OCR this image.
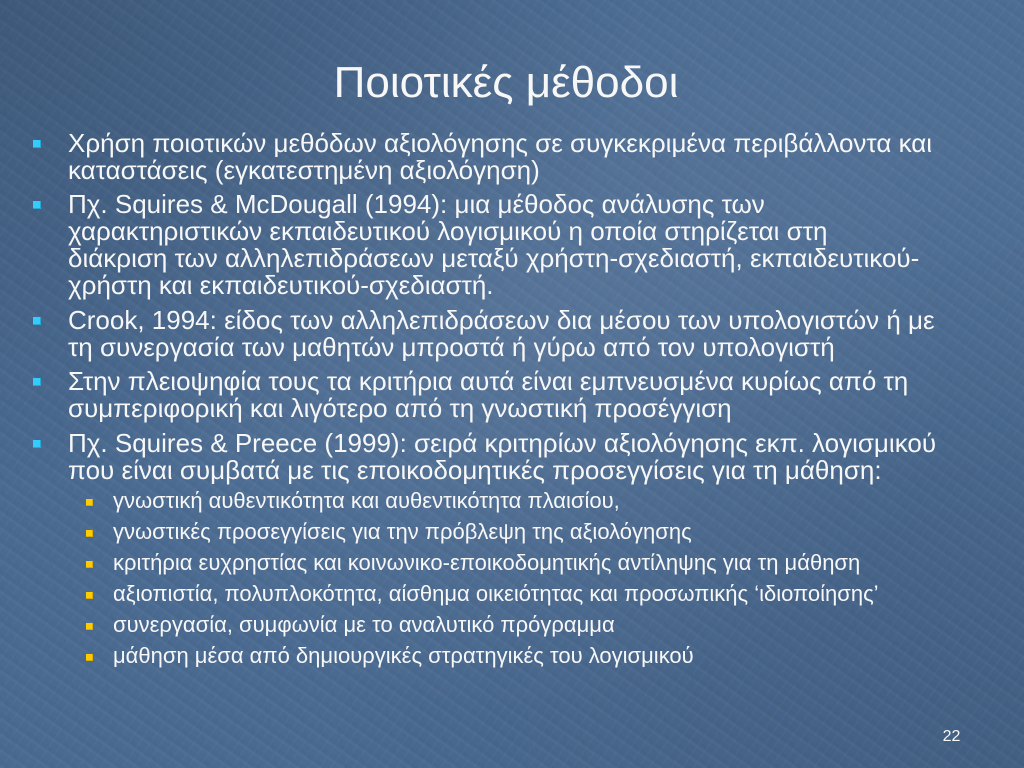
Ποιοτικές μέθοδοι
Χρήση ποιοτικών μεθόδων αξιολόγησης σε συγκεκριμένα περιβάλλοντα και
καταστάσεις (εγκατεστημένη αξιολόγηση)
Πχ. Squires & McDougall (1994): μια μέθοδος ανάλυσης των
χαρακτηριστικών εκπαιδευτικού λογισμικού η οποία στηρίζεται στη
διάκριση των αλληλεπιδράσεων μεταξύ χρήστη-σχεδιαστή, εκπαιδευτικού-
χρήστη και εκπαιδευτικού-σχεδιαστή.
Crook, 1994: είδος των αλληλεπιδράσεων δια μέσου των υπολογιστών ή με
τη συνεργασία των μαθητών μπροστά ή γύρω από τον υπολογιστή
Στην πλειοψηφία τους τα κριτήρια αυτά είναι εμπνευσμένα κυρίως από τη
συμπεριφορική και λιγότερο από τη γνωστική προσέγγιση
Πχ. Squires & Preece (1999): σειρά κριτηρίων αξιολόγησης εκπ. λογισμικού
που είναι συμβατά με τις εποικοδομητικές προσεγγίσεις για τη μάθηση:
γνωστική αυθεντικότητα και αυθεντικότητα πλαισίου,
γνωστικές προσεγγίσεις για την πρόβλεψη της αξιολόγησης
κριτήρια ευχρηστίας και κοινωνικο-εποικοδομητικής αντίληψης για τη μάθηση
αξιοπιστία, πολυπλοκότητα, αίσθημα οικειότητας και προσωπικής ‘ιδιοποίησης’
συνεργασία, συμφωνία με το αναλυτικό πρόγραμμα
μάθηση μέσα από δημιουργικές στρατηγικές του λογισμικού
22
